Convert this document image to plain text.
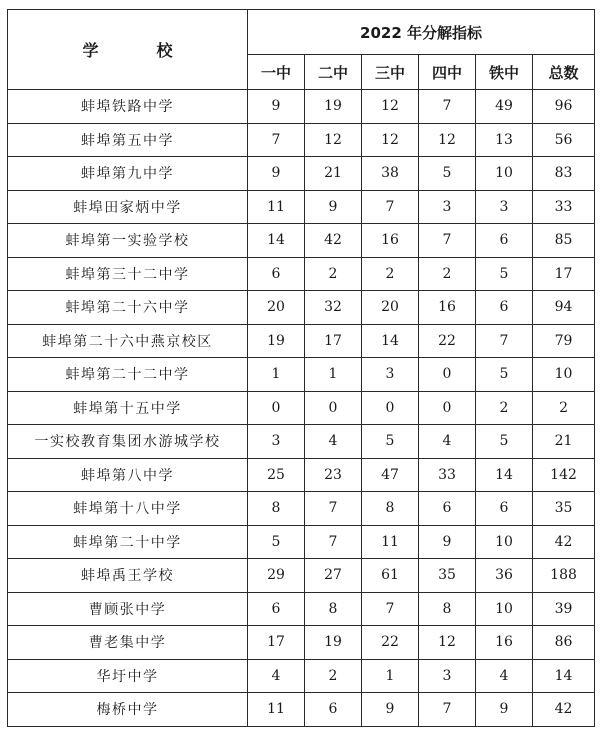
学 校	2022 年分解指标					
	一中	二中	三中	四中	铁中	总数
蚌埠铁路中学	9	19	12	7	49	96
蚌埠第五中学	7	12	12	12	13	56
蚌埠第九中学	9	21	38	5	10	83
蚌埠田家炳中学	11	9	7	3	3	33
蚌埠第一实验学校	14	42	16	7	6	85
蚌埠第三十二中学	6	2	2	2	5	17
蚌埠第二十六中学	20	32	20	16	6	94
蚌埠第二十六中燕京校区	19	17	14	22	7	79
蚌埠第二十二中学	1	1	3	0	5	10
蚌埠第十五中学	0	0	0	0	2	2
一实校教育集团水游城学校	3	4	5	4	5	21
蚌埠第八中学	25	23	47	33	14	142
蚌埠第十八中学	8	7	8	6	6	35
蚌埠第二十中学	5	7	11	9	10	42
蚌埠禹王学校	29	27	61	35	36	188
曹顾张中学	6	8	7	8	10	39
曹老集中学	17	19	22	12	16	86
华圩中学	4	2	1	3	4	14
梅桥中学	11	6	9	7	9	42
